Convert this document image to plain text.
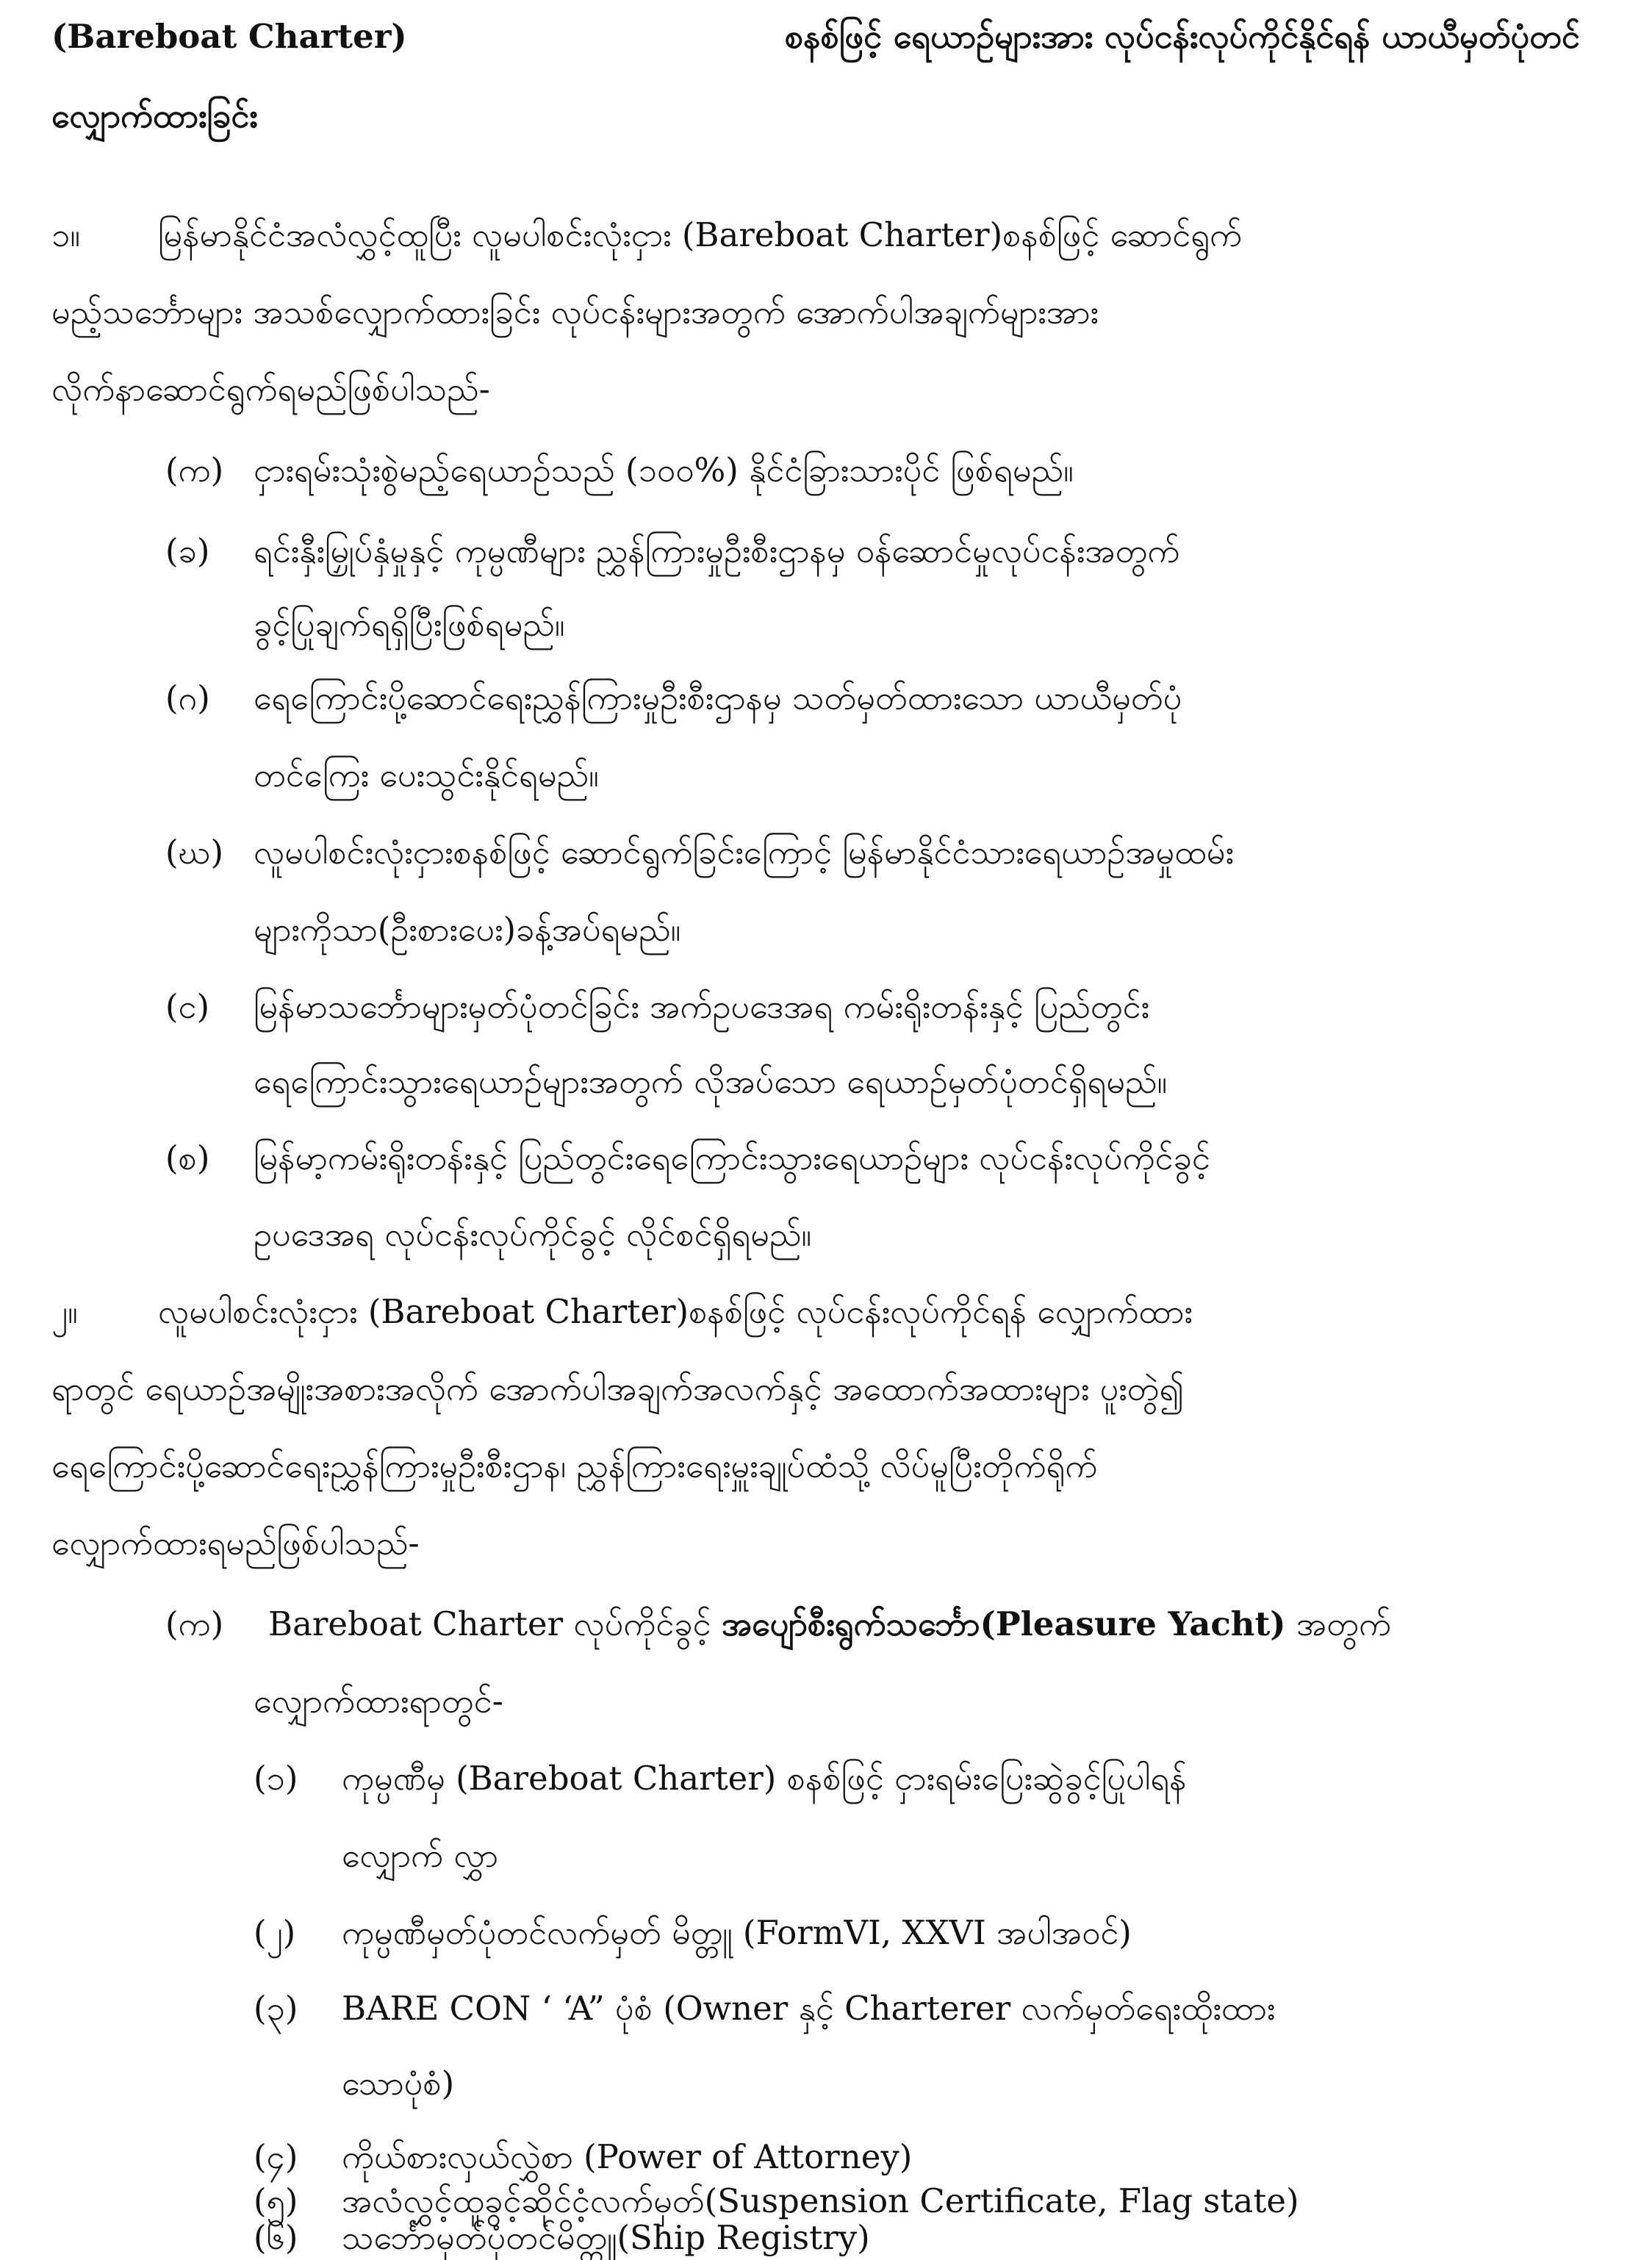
(Bareboat Charter)	စနစ်ဖြင့် ရေယာဉ်များအား လုပ်ငန်းလုပ်ကိုင်နိုင်ရန် ယာယီမှတ်ပုံတင်
လျှောက်ထားခြင်း
၁။ မြန်မာနိုင်ငံအလံလွှင့်ထူပြီး လူမပါစင်းလုံးငှား (Bareboat Charter)စနစ်ဖြင့် ဆောင်ရွက်
မည့်သင်္ဘောများ အသစ်လျှောက်ထားခြင်း လုပ်ငန်းများအတွက် အောက်ပါအချက်များအား
လိုက်နာဆောင်ရွက်ရမည်ဖြစ်ပါသည်-
(က) ငှားရမ်းသုံးစွဲမည့်ရေယာဉ်သည် (၁၀၀%) နိုင်ငံခြားသားပိုင် ဖြစ်ရမည်။
(ခ) ရင်းနှီးမြှုပ်နှံမှုနှင့် ကုမ္ပဏီများ ညွှန်ကြားမှုဦးစီးဌာနမှ ဝန်ဆောင်မှုလုပ်ငန်းအတွက်
ခွင့်ပြုချက်ရရှိပြီးဖြစ်ရမည်။
(ဂ) ရေကြောင်းပို့ဆောင်ရေးညွှန်ကြားမှုဦးစီးဌာနမှ သတ်မှတ်ထားသော ယာယီမှတ်ပုံ
တင်ကြေး ပေးသွင်းနိုင်ရမည်။
(ဃ) လူမပါစင်းလုံးငှားစနစ်ဖြင့် ဆောင်ရွက်ခြင်းကြောင့် မြန်မာနိုင်ငံသားရေယာဉ်အမှုထမ်း
များကိုသာ(ဦးစားပေး)ခန့်အပ်ရမည်။
(င) မြန်မာသင်္ဘောများမှတ်ပုံတင်ခြင်း အက်ဥပဒေအရ ကမ်းရိုးတန်းနှင့် ပြည်တွင်း
ရေကြောင်းသွားရေယာဉ်များအတွက် လိုအပ်သော ရေယာဉ်မှတ်ပုံတင်ရှိရမည်။
(စ) မြန်မာ့ကမ်းရိုးတန်းနှင့် ပြည်တွင်းရေကြောင်းသွားရေယာဉ်များ လုပ်ငန်းလုပ်ကိုင်ခွင့်
ဥပဒေအရ လုပ်ငန်းလုပ်ကိုင်ခွင့် လိုင်စင်ရှိရမည်။
၂။ လူမပါစင်းလုံးငှား (Bareboat Charter)စနစ်ဖြင့် လုပ်ငန်းလုပ်ကိုင်ရန် လျှောက်ထား
ရာတွင် ရေယာဉ်အမျိုးအစားအလိုက် အောက်ပါအချက်အလက်နှင့် အထောက်အထားများ ပူးတွဲ၍
ရေကြောင်းပို့ဆောင်ရေးညွှန်ကြားမှုဦးစီးဌာန၊ ညွှန်ကြားရေးမှူးချုပ်ထံသို့ လိပ်မူပြီးတိုက်ရိုက်
လျှောက်ထားရမည်ဖြစ်ပါသည်-
(က) Bareboat Charter လုပ်ကိုင်ခွင့် အပျော်စီးရွက်သင်္ဘော(Pleasure Yacht) အတွက်
လျှောက်ထားရာတွင်-
(၁) ကုမ္ပဏီမှ (Bareboat Charter) စနစ်ဖြင့် ငှားရမ်းပြေးဆွဲခွင့်ပြုပါရန်
လျှောက် လွှာ
(၂) ကုမ္ပဏီမှတ်ပုံတင်လက်မှတ် မိတ္တူ (FormVI, XXVI အပါအဝင်)
(၃) BARE CON ‘ ‘A” ပုံစံ (Owner နှင့် Charterer လက်မှတ်ရေးထိုးထား
သောပုံစံ)
(၄) ကိုယ်စားလှယ်လွှဲစာ (Power of Attorney)
(၅) အလံလွှင့်ထူခွင့်ဆိုင်ငံ့လက်မှတ်(Suspension Certificate, Flag state)
(၆) သင်္ဘောမှတ်ပုံတင်မိတ္တူ(Ship Registry)
